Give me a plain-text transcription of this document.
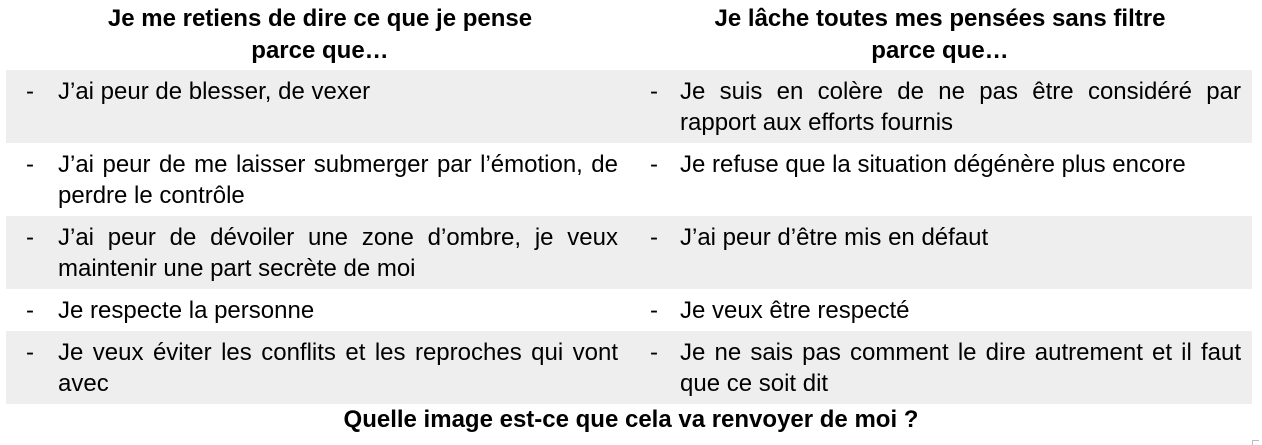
Je me retiens de dire ce que je pense
parce que…
Je lâche toutes mes pensées sans filtre
parce que…
- J’ai peur de blesser, de vexer	- Je suis en colère de ne pas être considéré par rapport aux efforts fournis
- J’ai peur de me laisser submerger par l’émotion, de perdre le contrôle
- Je refuse que la situation dégénère plus encore
- J’ai peur de dévoiler une zone d’ombre, je veux maintenir une part secrète de moi
- J’ai peur d’être mis en défaut
- Je respecte la personne	- Je veux être respecté
- Je veux éviter les conflits et les reproches qui vont avec
- Je ne sais pas comment le dire autrement et il faut que ce soit dit
Quelle image est-ce que cela va renvoyer de moi ?
